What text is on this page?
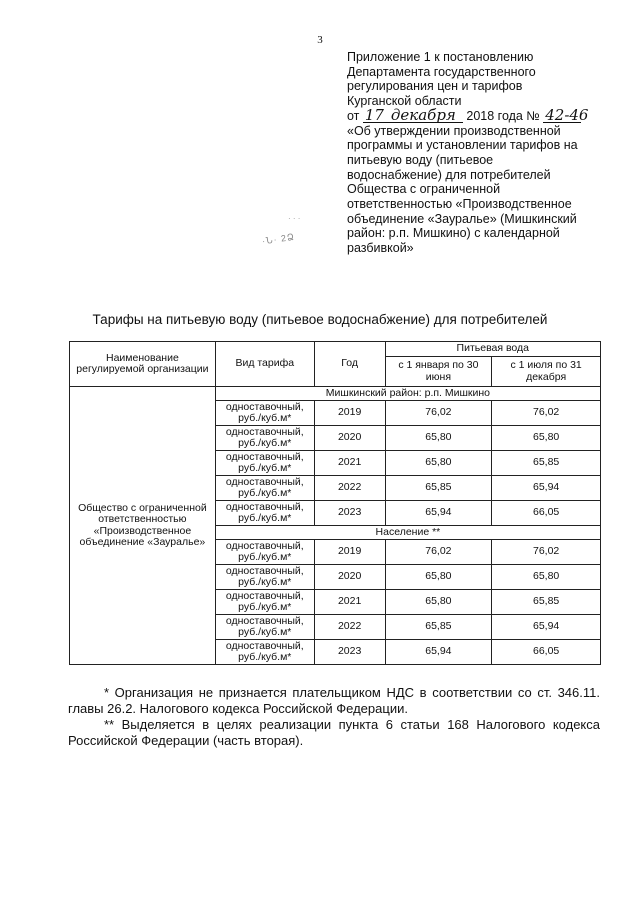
3
Приложение 1 к постановлению
Департамента государственного
регулирования цен и тарифов
Курганской области
от 17 декабря 2018 года № 42-46
«Об утверждении производственной
программы и установлении тарифов на
питьевую воду (питьевое
водоснабжение) для потребителей
Общества с ограниченной
ответственностью «Производственное
объединение «Зауралье» (Мишкинский
район: р.п. Мишкино) с календарной
разбивкой»
· · ·
·Ն· 2Ձ
Тарифы на питьевую воду (питьевое водоснабжение) для потребителей
Наименование регулируемой организации	Вид тарифа	Год	Питьевая вода	
			с 1 января по 30 июня	с 1 июля по 31 декабря
Общество с ограниченной ответственностью «Производственное объединение «Зауралье»	Мишкинский район: р.п. Мишкино			
	одноставочный, руб./куб.м*	2019	76,02	76,02
	одноставочный, руб./куб.м*	2020	65,80	65,80
	одноставочный, руб./куб.м*	2021	65,80	65,85
	одноставочный, руб./куб.м*	2022	65,85	65,94
	одноставочный, руб./куб.м*	2023	65,94	66,05
	Население **			
	одноставочный, руб./куб.м*	2019	76,02	76,02
	одноставочный, руб./куб.м*	2020	65,80	65,80
	одноставочный, руб./куб.м*	2021	65,80	65,85
	одноставочный, руб./куб.м*	2022	65,85	65,94
	одноставочный, руб./куб.м*	2023	65,94	66,05

* Организация не признается плательщиком НДС в соответствии со ст. 346.11. главы 26.2. Налогового кодекса Российской Федерации.

** Выделяется в целях реализации пункта 6 статьи 168 Налогового кодекса Российской Федерации (часть вторая).
